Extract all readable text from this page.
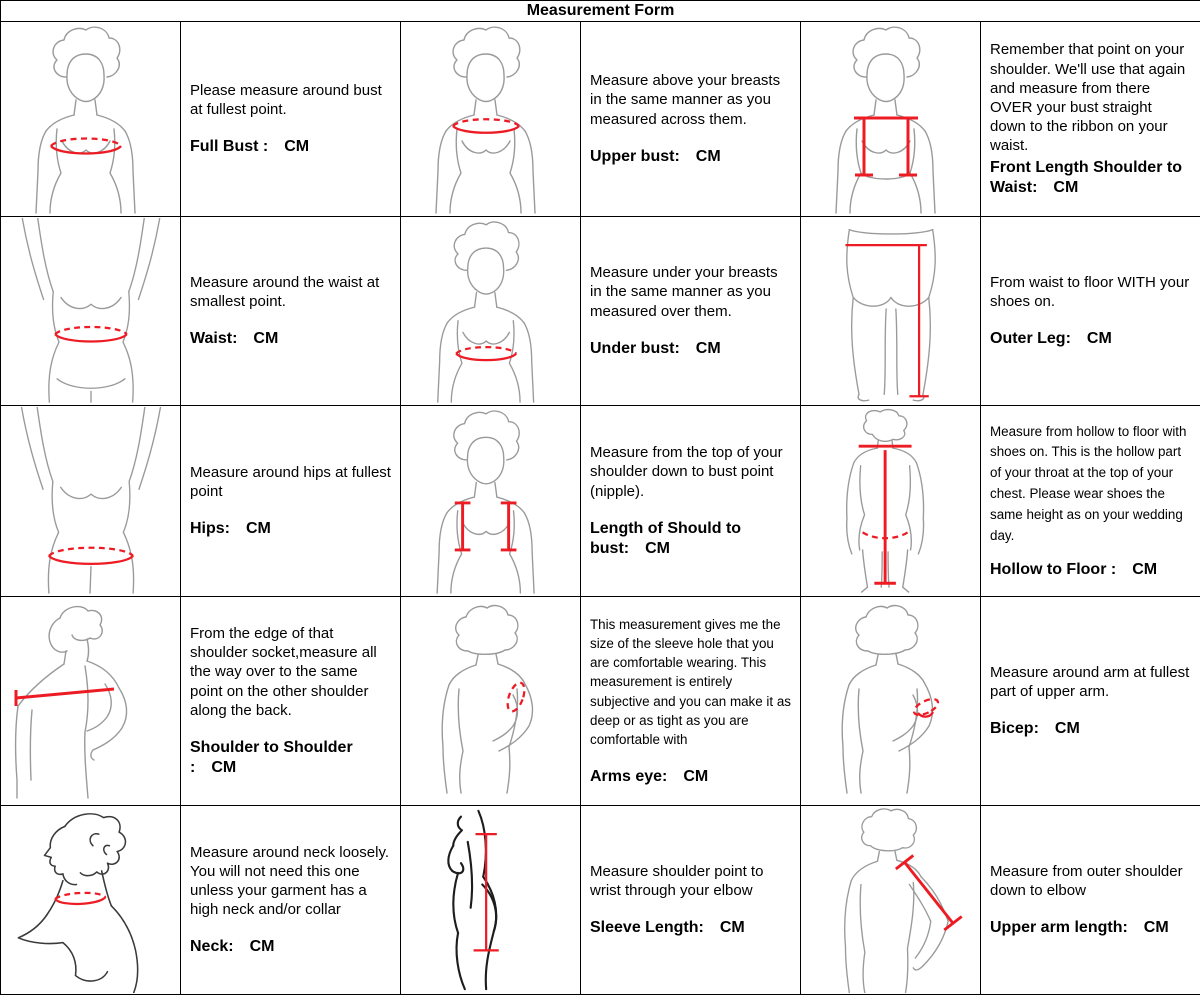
Measurement Form					

Please measure around bust at fullest point.

Full Bust : CM

Measure above your breasts in the same manner as you measured across them.

Upper bust: CM

Remember that point on your shoulder. We'll use that again and measure from there OVER your bust straight down to the ribbon on your waist.

Front Length Shoulder to Waist: CM

Measure around the waist at smallest point.

Waist: CM

Measure under your breasts in the same manner as you measured over them.

Under bust: CM

From waist to floor WITH your shoes on.

Outer Leg: CM

Measure around hips at fullest point

Hips: CM

Measure from the top of your shoulder down to bust point (nipple).

Length of Should to bust: CM

Measure from hollow to floor with shoes on. This is the hollow part of your throat at the top of your chest. Please wear shoes the same height as on your wedding day.

Hollow to Floor : CM

From the edge of that shoulder socket,measure all the way over to the same point on the other shoulder along the back.

Shoulder to Shoulder : CM

This measurement gives me the size of the sleeve hole that you are comfortable wearing. This measurement is entirely subjective and you can make it as deep or as tight as you are comfortable with

Arms eye: CM

Measure around arm at fullest part of upper arm.

Bicep: CM

Measure around neck loosely. You will not need this one unless your garment has a high neck and/or collar

Neck: CM

Measure shoulder point to wrist through your elbow

Sleeve Length: CM

Measure from outer shoulder down to elbow

Upper arm length: CM
